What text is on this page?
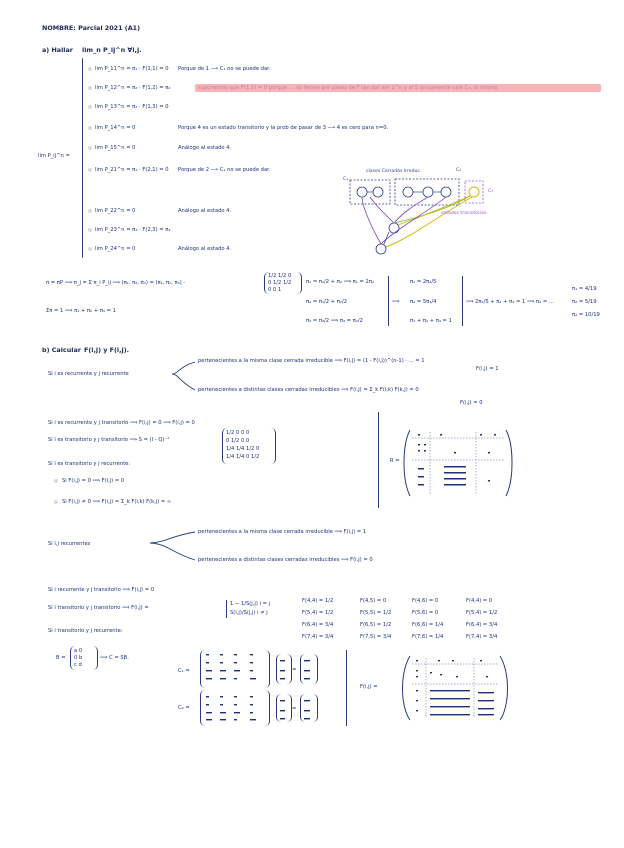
NOMBRE: Parcial 2021 (A1)
a) Hallar lim_n P_ij^n ∀i,j.
lim P_ij^n =
lim P_11^n = π₁ · F(1,1) = 0 Porque de 1 ⟶ C₁ no se puede dar.
lim P_12^n = π₂ · F(1,2) = π₂
lim P_13^n = π₃ · F(1,3) = 0
lim P_14^n = 0	Porque 4 es un estado transitorio y la prob de pasar de 3 ⟶ 4 es cero para n=0.
lim P_15^n = 0	Análogo al estado 4.
lim P_21^n = π₁ · F(2,1) = 0 Porque de 2 ⟶ C₁ no se puede dar.
lim P_22^n = 0	Análogo al estado 4.
lim P_23^n = π₃ · F(2,3) = π₃
lim P_24^n = 0	Análogo al estado 4.
clases Cerradas Irreduc.
C₁
C₂
C₃
estados transitorios
π = πP ⟹ π_j = Σ π_i P_ij ⟹ (π₁, π₂, π₃) = (π₁, π₂, π₃) ·
1/2 1/2 0
0 1/2 1/2
0 0 1
Σπ = 1 ⟹ π₁ + π₂ + π₃ = 1
π₁ = π₁/2 + π₂ ⟹ π₁ = 2π₂
π₂ = π₁/2 + π₂/2
π₃ = π₂/2 ⟹ π₃ = π₂/2
⟹
π₁ = 2π₂/5
π₂ = 5π₃/4
π₁ + π₂ + π₃ = 1
⟹ 2π₂/5 + π₂ + π₃ = 1 ⟹ π₂ = ...
π₁ = 4/19
π₂ = 5/19
π₃ = 10/19
b) Calcular F(i,j) y F(i,j).
Si i es recurrente y j recurrente
pertenecientes a la misma clase cerrada irreducible ⟹ F(i,j) = (1 - F(i,j))^(n-1) · ... = 1
F(i,j) = 1
pertenecientes a distintas clases cerradas irreducibles ⟹ F(i,j) = Σ_k F(i,k) F(k,j) = 0
F(i,j) = 0
Si i es recurrente y j transitorio ⟹ F(i,j) = 0 ⟹ F(i,j) = 0
Si i es transitorio y j transitorio ⟹ S = (I - Q)⁻¹
1/2 0 0 0
0 1/2 0 0
1/4 1/4 1/2 0
1/4 1/4 0 1/2
Si i es transitorio y j recurrente:
Si F(i,j) = 0 ⟹ F(i,j) = 0
Si F(i,j) ≠ 0 ⟹ F(i,j) = Σ_k F(i,k) F(k,j) = ∞
R =
Si i,j recurrentes
pertenecientes a la misma clase cerrada irreducible ⟹ F(i,j) = 1
pertenecientes a distintas clases cerradas irreducibles ⟹ F(i,j) = 0
Si i recurrente y j transitorio ⟹ F(i,j) = 0
Si i transitorio y j transitorio ⟹ F(i,j) =
1 − 1/S(j,j) i = j
S(i,j)/S(j,j) i ≠ j
Si i transitorio y j recurrente:
F(4,4) = 1/2	F(4,5) = 0	F(4,6) = 0	F(4,4) = 0
F(5,4) = 1/2	F(5,5) = 1/2	F(5,6) = 0	F(5,4) = 1/2
F(6,4) = 3/4	F(6,5) = 1/2	F(6,6) = 1/4	F(6,4) = 3/4
F(7,4) = 3/4	F(7,5) = 3/4	F(7,6) = 1/4	F(7,4) = 3/4
B =
a 0
0 b
c d
⟹ C = SB.
C₁ =	=
C₂ =	=
F(i,j) =
